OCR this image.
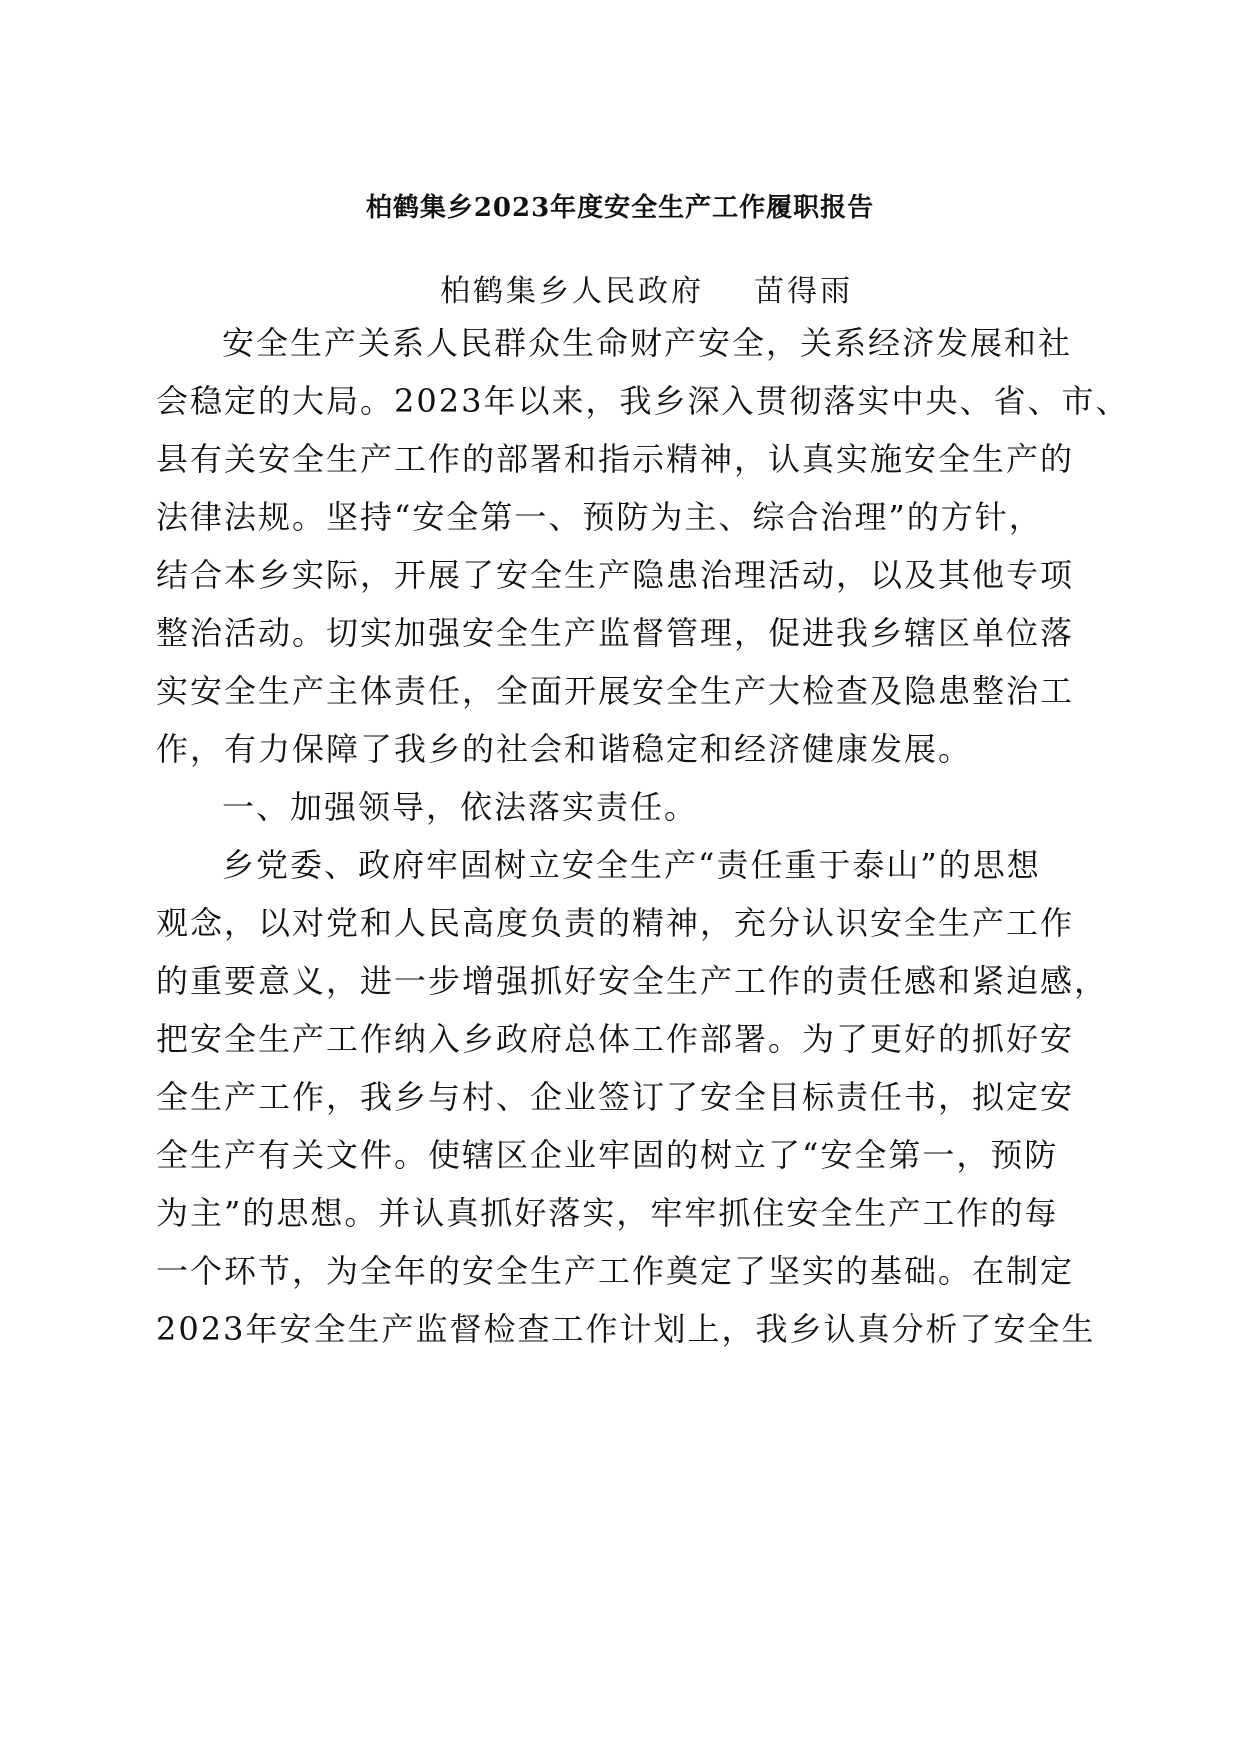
柏鹤集乡2023年度安全生产工作履职报告

柏鹤集乡人民政府    苗得雨

安全生产关系人民群众生命财产安全，关系经济发展和社

会稳定的大局。2023年以来，我乡深入贯彻落实中央、省、市、

县有关安全生产工作的部署和指示精神，认真实施安全生产的

法律法规。坚持“安全第一、预防为主、综合治理”的方针，

结合本乡实际，开展了安全生产隐患治理活动，以及其他专项

整治活动。切实加强安全生产监督管理，促进我乡辖区单位落

实安全生产主体责任，全面开展安全生产大检查及隐患整治工

作，有力保障了我乡的社会和谐稳定和经济健康发展。

一、加强领导，依法落实责任。

乡党委、政府牢固树立安全生产“责任重于泰山”的思想

观念，以对党和人民高度负责的精神，充分认识安全生产工作

的重要意义，进一步增强抓好安全生产工作的责任感和紧迫感，

把安全生产工作纳入乡政府总体工作部署。为了更好的抓好安

全生产工作，我乡与村、企业签订了安全目标责任书，拟定安

全生产有关文件。使辖区企业牢固的树立了“安全第一，预防

为主”的思想。并认真抓好落实，牢牢抓住安全生产工作的每

一个环节，为全年的安全生产工作奠定了坚实的基础。在制定

2023年安全生产监督检查工作计划上，我乡认真分析了安全生
